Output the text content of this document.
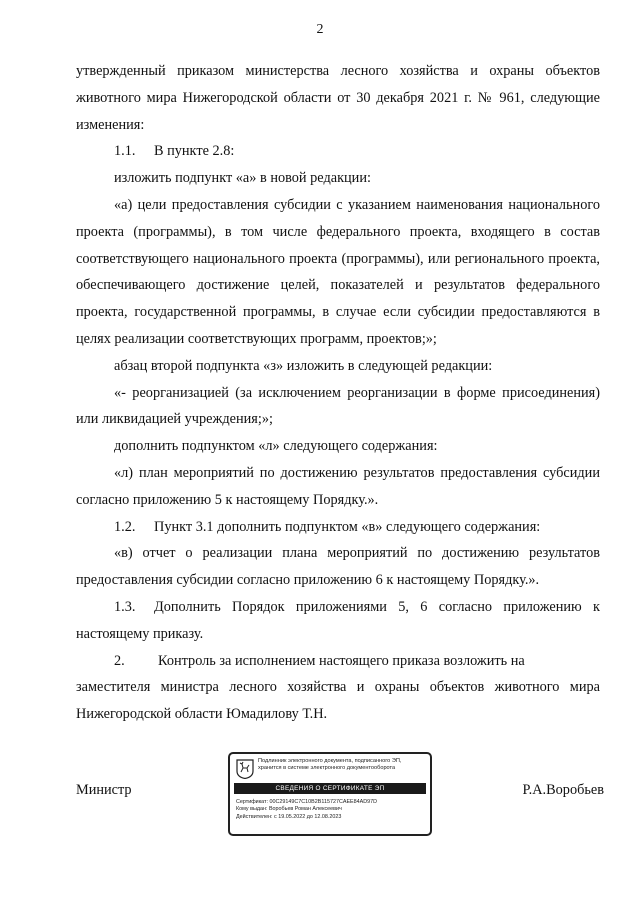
2

утвержденный приказом министерства лесного хозяйства и охраны объектов животного мира Нижегородской области от 30 декабря 2021 г. № 961, следующие изменения:

1.1. В пункте 2.8:

изложить подпункт «а» в новой редакции:

«а) цели предоставления субсидии с указанием наименования национального проекта (программы), в том числе федерального проекта, входящего в состав соответствующего национального проекта (программы), или регионального проекта, обеспечивающего достижение целей, показателей и результатов федерального проекта, государственной программы, в случае если субсидии предоставляются в целях реализации соответствующих программ, проектов;»;

абзац второй подпункта «з» изложить в следующей редакции:

«- реорганизацией (за исключением реорганизации в форме присоединения) или ликвидацией учреждения;»;

дополнить подпунктом «л» следующего содержания:

«л) план мероприятий по достижению результатов предоставления субсидии согласно приложению 5 к настоящему Порядку.».

1.2. Пункт 3.1 дополнить подпунктом «в» следующего содержания:

«в) отчет о реализации плана мероприятий по достижению результатов предоставления субсидии согласно приложению 6 к настоящему Порядку.».

1.3. Дополнить Порядок приложениями 5, 6 согласно приложению к настоящему приказу.

2. Контроль за исполнением настоящего приказа возложить на

заместителя министра лесного хозяйства и охраны объектов животного мира Нижегородской области Юмадилову Т.Н.

Министр	Р.А.Воробьев
Подлинник электронного документа, подписанного ЭП,
хранится в системе электронного документооборота
СВЕДЕНИЯ О СЕРТИФИКАТЕ ЭП
Сертификат: 00C29149C7C10B2B115727CAEE84AD97D
Кому выдан: Воробьев Роман Алексеевич
Действителен: с 19.05.2022 до 12.08.2023
